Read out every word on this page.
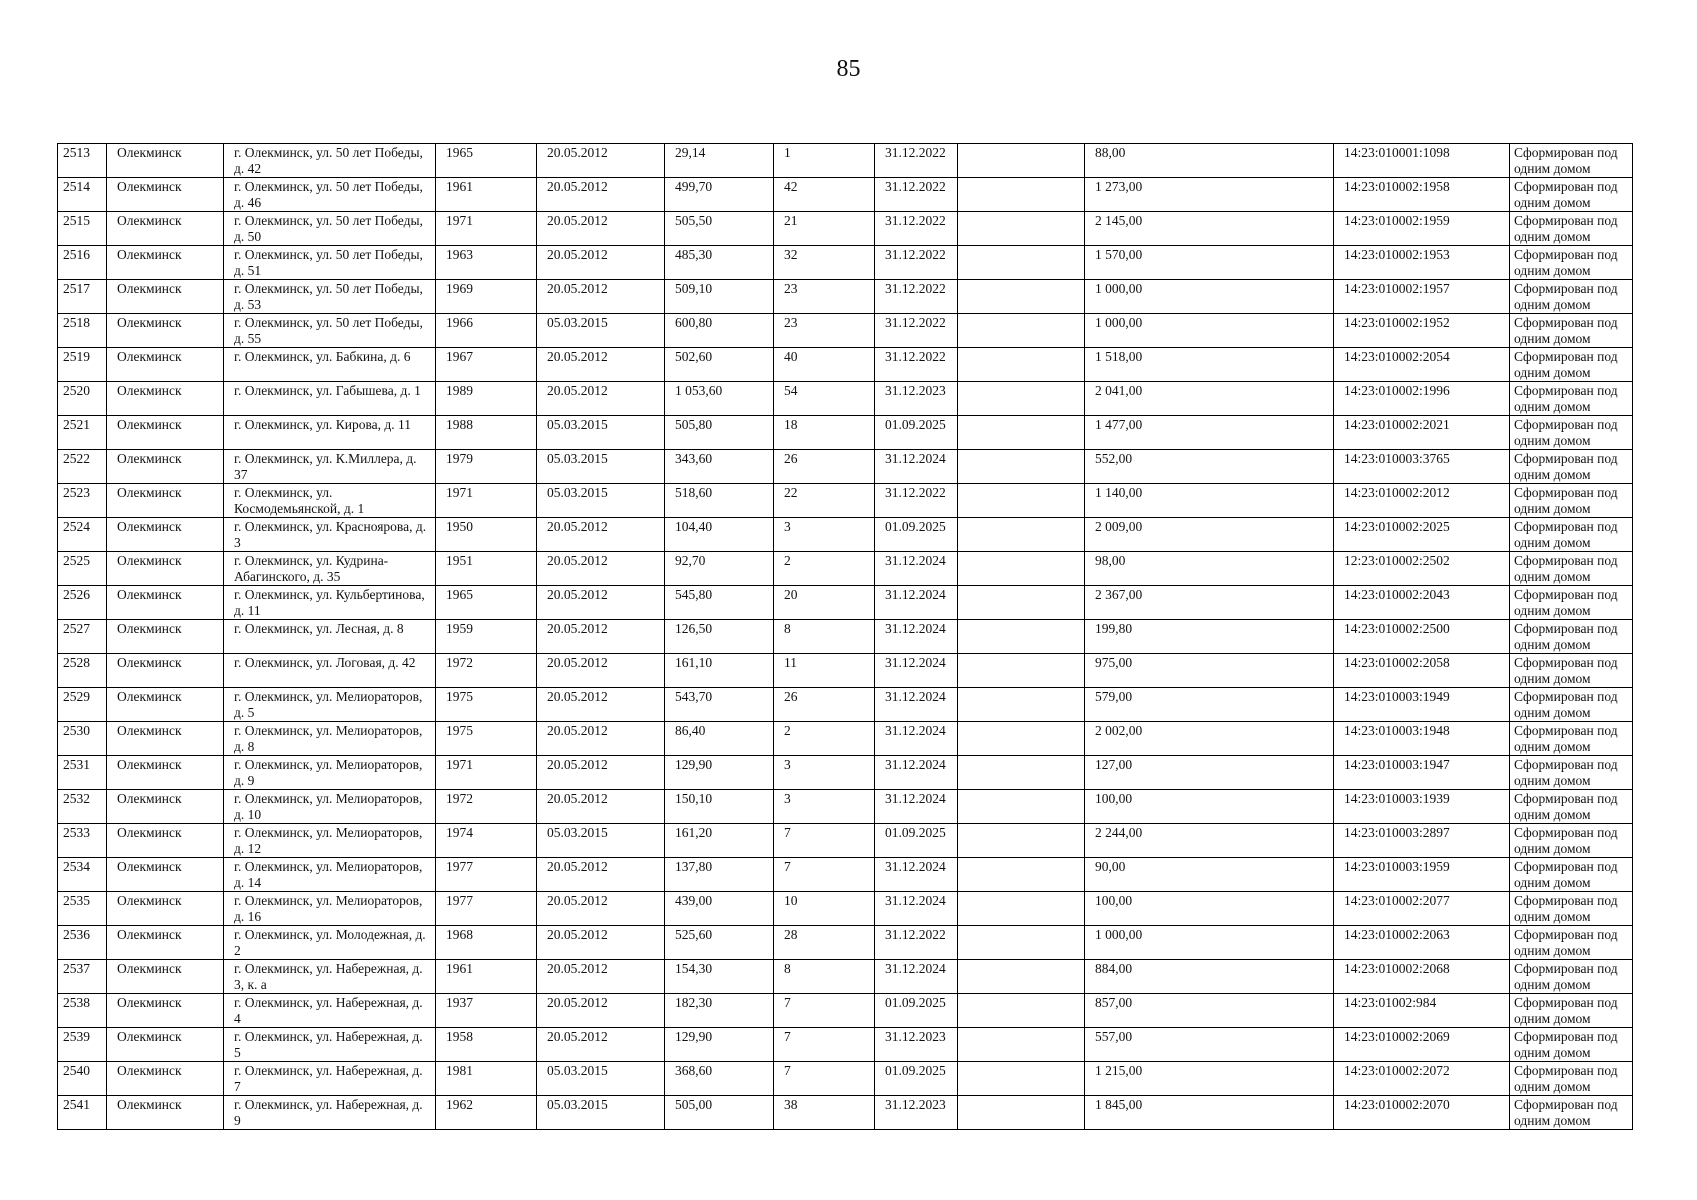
85
2513	Олекминск	г. Олекминск, ул. 50 лет Победы, д. 42	1965	20.05.2012	29,14	1	31.12.2022		88,00	14:23:010001:1098	Сформирован под одним домом
2514	Олекминск	г. Олекминск, ул. 50 лет Победы, д. 46	1961	20.05.2012	499,70	42	31.12.2022		1 273,00	14:23:010002:1958	Сформирован под одним домом
2515	Олекминск	г. Олекминск, ул. 50 лет Победы, д. 50	1971	20.05.2012	505,50	21	31.12.2022		2 145,00	14:23:010002:1959	Сформирован под одним домом
2516	Олекминск	г. Олекминск, ул. 50 лет Победы, д. 51	1963	20.05.2012	485,30	32	31.12.2022		1 570,00	14:23:010002:1953	Сформирован под одним домом
2517	Олекминск	г. Олекминск, ул. 50 лет Победы, д. 53	1969	20.05.2012	509,10	23	31.12.2022		1 000,00	14:23:010002:1957	Сформирован под одним домом
2518	Олекминск	г. Олекминск, ул. 50 лет Победы, д. 55	1966	05.03.2015	600,80	23	31.12.2022		1 000,00	14:23:010002:1952	Сформирован под одним домом
2519	Олекминск	г. Олекминск, ул. Бабкина, д. 6	1967	20.05.2012	502,60	40	31.12.2022		1 518,00	14:23:010002:2054	Сформирован под одним домом
2520	Олекминск	г. Олекминск, ул. Габышева, д. 1	1989	20.05.2012	1 053,60	54	31.12.2023		2 041,00	14:23:010002:1996	Сформирован под одним домом
2521	Олекминск	г. Олекминск, ул. Кирова, д. 11	1988	05.03.2015	505,80	18	01.09.2025		1 477,00	14:23:010002:2021	Сформирован под одним домом
2522	Олекминск	г. Олекминск, ул. К.Миллера, д. 37	1979	05.03.2015	343,60	26	31.12.2024		552,00	14:23:010003:3765	Сформирован под одним домом
2523	Олекминск	г. Олекминск, ул. Космодемьянской, д. 1	1971	05.03.2015	518,60	22	31.12.2022		1 140,00	14:23:010002:2012	Сформирован под одним домом
2524	Олекминск	г. Олекминск, ул. Красноярова, д. 3	1950	20.05.2012	104,40	3	01.09.2025		2 009,00	14:23:010002:2025	Сформирован под одним домом
2525	Олекминск	г. Олекминск, ул. Кудрина-Абагинского, д. 35	1951	20.05.2012	92,70	2	31.12.2024		98,00	12:23:010002:2502	Сформирован под одним домом
2526	Олекминск	г. Олекминск, ул. Кульбертинова, д. 11	1965	20.05.2012	545,80	20	31.12.2024		2 367,00	14:23:010002:2043	Сформирован под одним домом
2527	Олекминск	г. Олекминск, ул. Лесная, д. 8	1959	20.05.2012	126,50	8	31.12.2024		199,80	14:23:010002:2500	Сформирован под одним домом
2528	Олекминск	г. Олекминск, ул. Логовая, д. 42	1972	20.05.2012	161,10	11	31.12.2024		975,00	14:23:010002:2058	Сформирован под одним домом
2529	Олекминск	г. Олекминск, ул. Мелиораторов, д. 5	1975	20.05.2012	543,70	26	31.12.2024		579,00	14:23:010003:1949	Сформирован под одним домом
2530	Олекминск	г. Олекминск, ул. Мелиораторов, д. 8	1975	20.05.2012	86,40	2	31.12.2024		2 002,00	14:23:010003:1948	Сформирован под одним домом
2531	Олекминск	г. Олекминск, ул. Мелиораторов, д. 9	1971	20.05.2012	129,90	3	31.12.2024		127,00	14:23:010003:1947	Сформирован под одним домом
2532	Олекминск	г. Олекминск, ул. Мелиораторов, д. 10	1972	20.05.2012	150,10	3	31.12.2024		100,00	14:23:010003:1939	Сформирован под одним домом
2533	Олекминск	г. Олекминск, ул. Мелиораторов, д. 12	1974	05.03.2015	161,20	7	01.09.2025		2 244,00	14:23:010003:2897	Сформирован под одним домом
2534	Олекминск	г. Олекминск, ул. Мелиораторов, д. 14	1977	20.05.2012	137,80	7	31.12.2024		90,00	14:23:010003:1959	Сформирован под одним домом
2535	Олекминск	г. Олекминск, ул. Мелиораторов, д. 16	1977	20.05.2012	439,00	10	31.12.2024		100,00	14:23:010002:2077	Сформирован под одним домом
2536	Олекминск	г. Олекминск, ул. Молодежная, д. 2	1968	20.05.2012	525,60	28	31.12.2022		1 000,00	14:23:010002:2063	Сформирован под одним домом
2537	Олекминск	г. Олекминск, ул. Набережная, д. 3, к. а	1961	20.05.2012	154,30	8	31.12.2024		884,00	14:23:010002:2068	Сформирован под одним домом
2538	Олекминск	г. Олекминск, ул. Набережная, д. 4	1937	20.05.2012	182,30	7	01.09.2025		857,00	14:23:01002:984	Сформирован под одним домом
2539	Олекминск	г. Олекминск, ул. Набережная, д. 5	1958	20.05.2012	129,90	7	31.12.2023		557,00	14:23:010002:2069	Сформирован под одним домом
2540	Олекминск	г. Олекминск, ул. Набережная, д. 7	1981	05.03.2015	368,60	7	01.09.2025		1 215,00	14:23:010002:2072	Сформирован под одним домом
2541	Олекминск	г. Олекминск, ул. Набережная, д. 9	1962	05.03.2015	505,00	38	31.12.2023		1 845,00	14:23:010002:2070	Сформирован под одним домом
